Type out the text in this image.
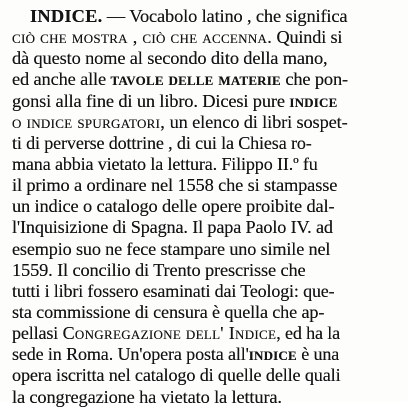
INDICE. — Vocabolo latino , che significa
ciò che mostra , ciò che accenna. Quindi si
dà questo nome al secondo dito della mano,
ed anche alle tavole delle materie che pon-
gonsi alla fine di un libro. Dicesi pure indice
o indice spurgatori, un elenco di libri sospet-
ti di perverse dottrine , di cui la Chiesa ro-
mana abbia vietato la lettura. Filippo II.º fu
il primo a ordinare nel 1558 che si stampasse
un indice o catalogo delle opere proibite dal-
l'Inquisizione di Spagna. Il papa Paolo IV. ad
esempio suo ne fece stampare uno simile nel
1559. Il concilio di Trento prescrisse che
tutti i libri fossero esaminati dai Teologi: que-
sta commissione di censura è quella che ap-
pellasi Congregazione dell' Indice, ed ha la
sede in Roma. Un'opera posta all'indice è una
opera iscritta nel catalogo di quelle delle quali
la congregazione ha vietato la lettura.
